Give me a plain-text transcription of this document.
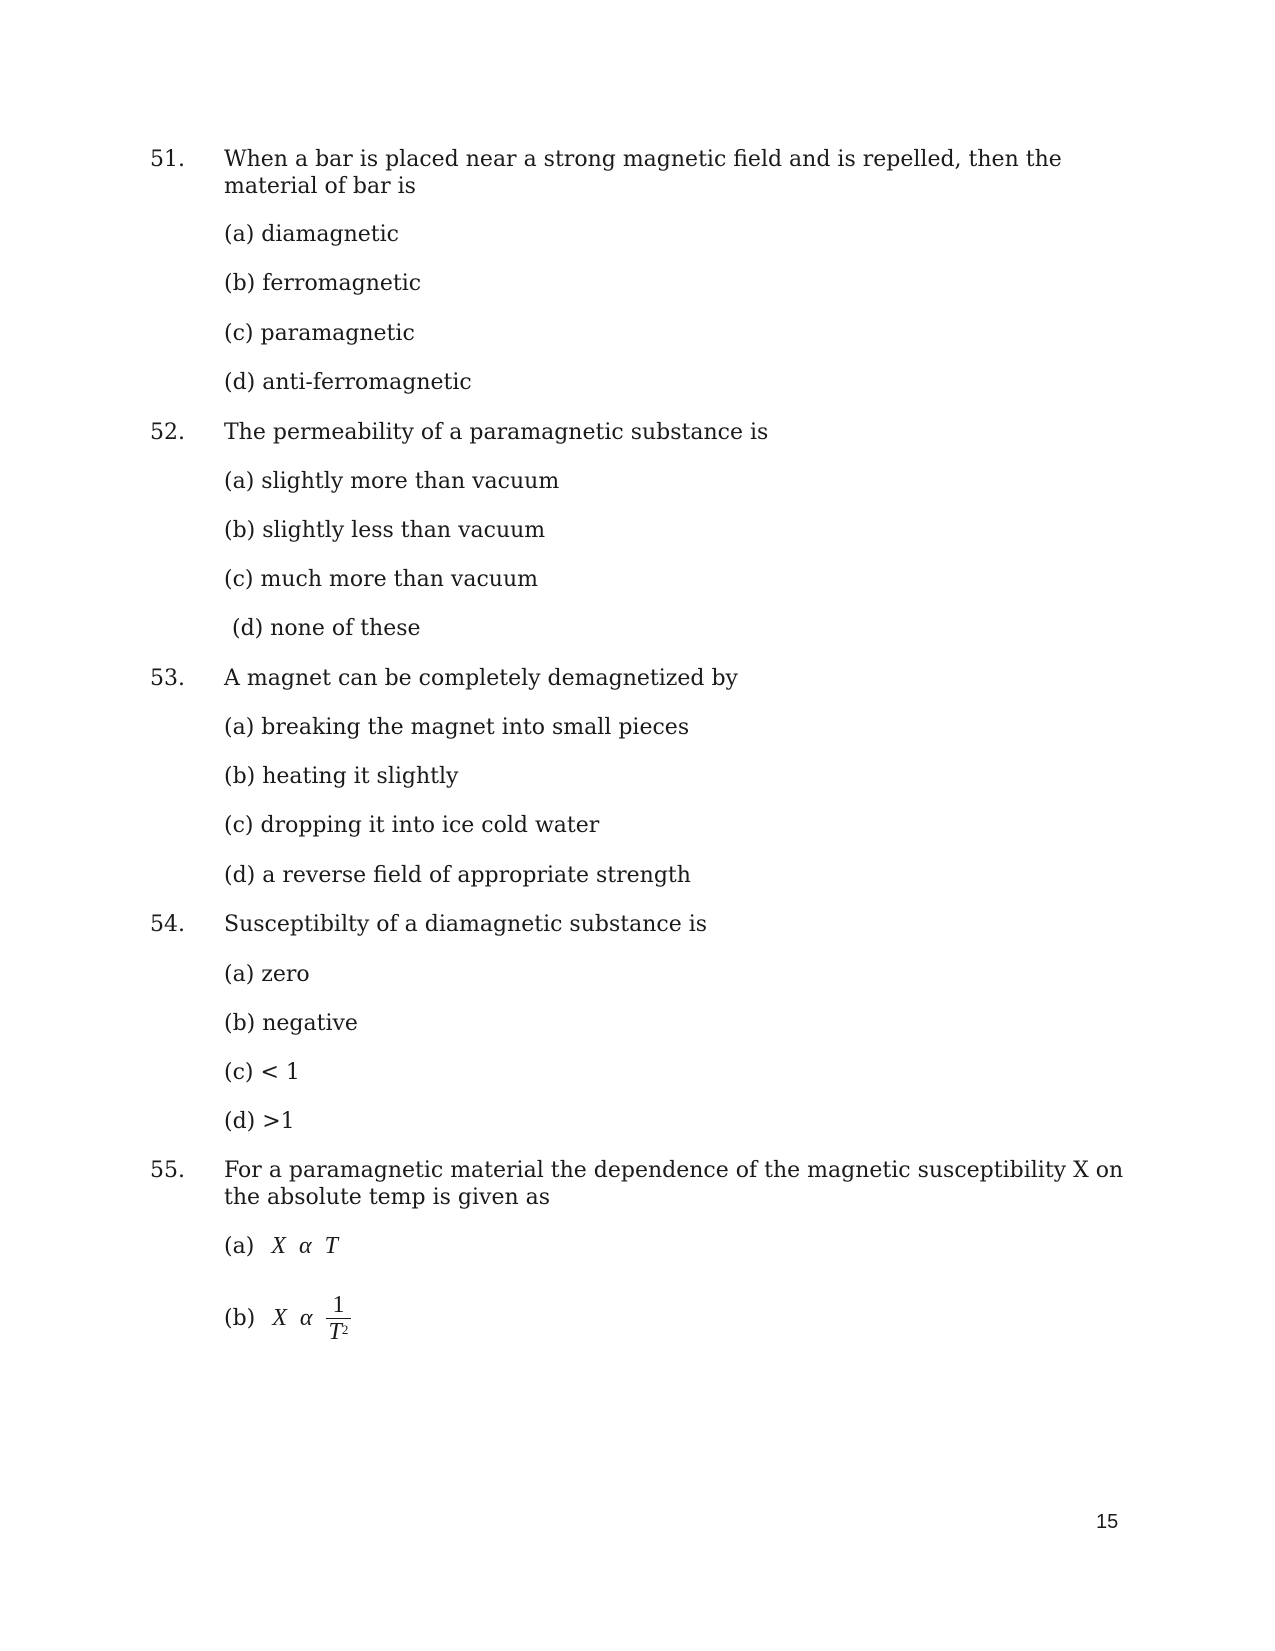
51. When a bar is placed near a strong magnetic field and is repelled, then the material of bar is
(a) diamagnetic
(b) ferromagnetic
(c) paramagnetic
(d) anti-ferromagnetic
52. The permeability of a paramagnetic substance is
(a) slightly more than vacuum
(b) slightly less than vacuum
(c) much more than vacuum
(d) none of these
53. A magnet can be completely demagnetized by
(a) breaking the magnet into small pieces
(b) heating it slightly
(c) dropping it into ice cold water
(d) a reverse field of appropriate strength
54. Susceptibilty of a diamagnetic substance is
(a) zero
(b) negative
(c) < 1
(d) >1
55. For a paramagnetic material the dependence of the magnetic susceptibility X on the absolute temp is given as
(a) X α T
(b) X α $\frac{1}{T^2}$
15
